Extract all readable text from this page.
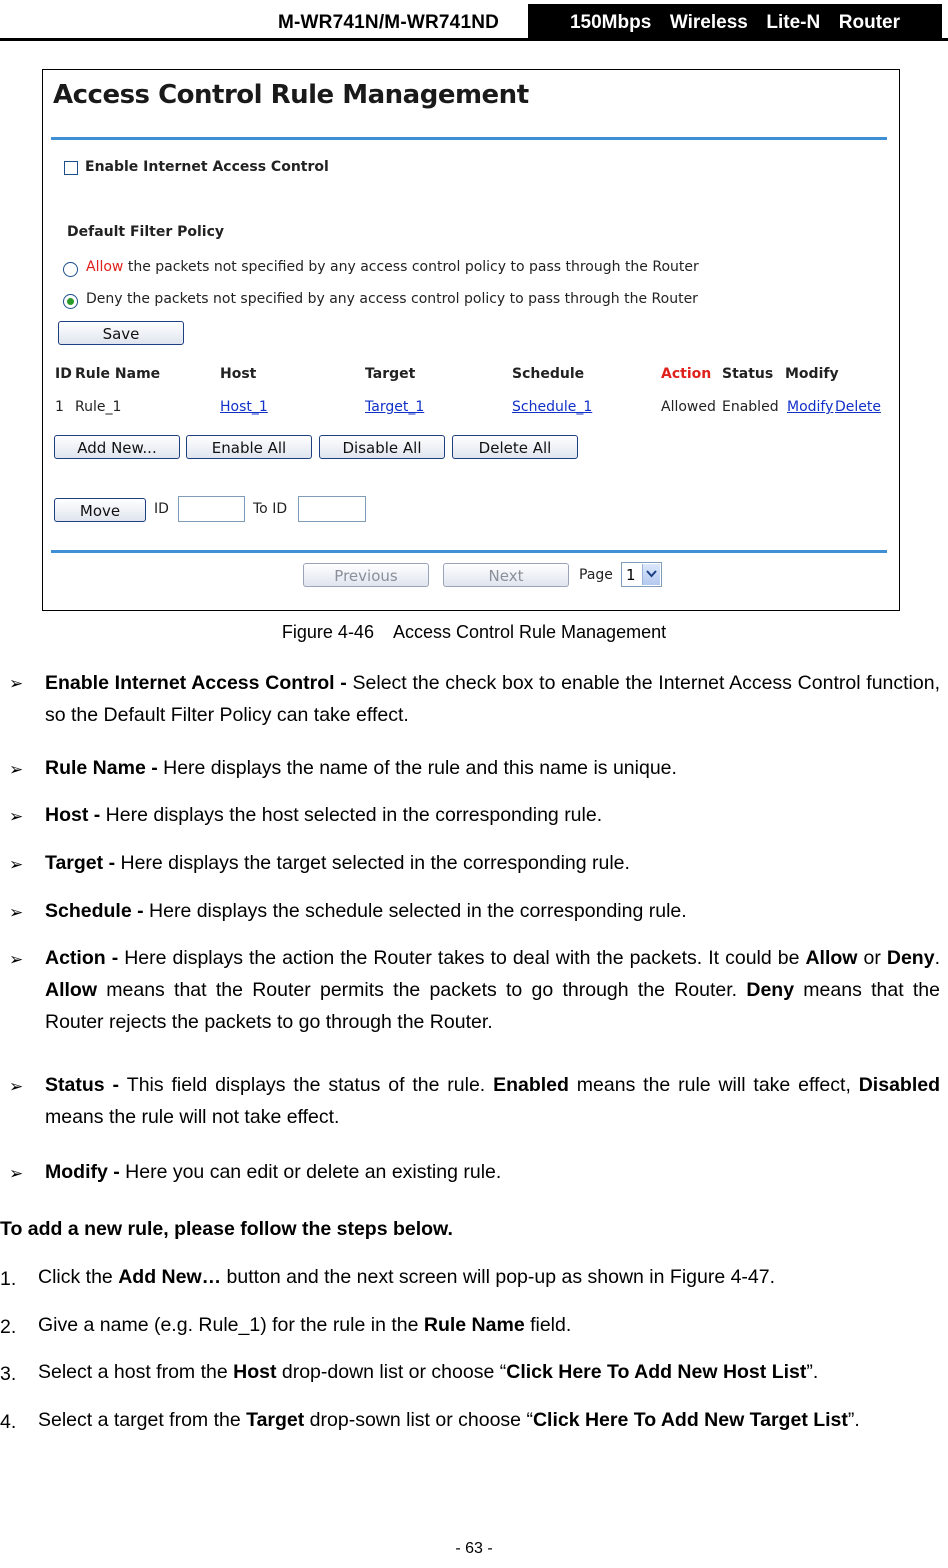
M-WR741N/M-WR741ND	150Mbps  Wireless  Lite-N  Router
Access Control Rule Management
Enable Internet Access Control
Default Filter Policy
Allow the packets not specified by any access control policy to pass through the Router
Deny the packets not specified by any access control policy to pass through the Router
Save
ID Rule Name	Host	Target	Schedule	Action Status Modify
1 Rule_1	Host_1	Target_1	Schedule_1	Allowed Enabled Modify Delete
Add New...	Enable All	Disable All	Delete All
Move	ID	To ID
Previous	Next	Page 1
Figure 4-46    Access Control Rule Management
➢ Enable Internet Access Control - Select the check box to enable the Internet Access Control function, so the Default Filter Policy can take effect.
➢ Rule Name - Here displays the name of the rule and this name is unique.
➢ Host - Here displays the host selected in the corresponding rule.
➢ Target - Here displays the target selected in the corresponding rule.
➢ Schedule - Here displays the schedule selected in the corresponding rule.
➢ Action - Here displays the action the Router takes to deal with the packets. It could be Allow or Deny. Allow means that the Router permits the packets to go through the Router. Deny means that the Router rejects the packets to go through the Router.
➢ Status - This field displays the status of the rule. Enabled means the rule will take effect, Disabled means the rule will not take effect.
➢ Modify - Here you can edit or delete an existing rule.
To add a new rule, please follow the steps below.
1. Click the Add New… button and the next screen will pop-up as shown in Figure 4-47.
2. Give a name (e.g. Rule_1) for the rule in the Rule Name field.
3. Select a host from the Host drop-down list or choose “Click Here To Add New Host List”.
4. Select a target from the Target drop-sown list or choose “Click Here To Add New Target List”.
- 63 -
